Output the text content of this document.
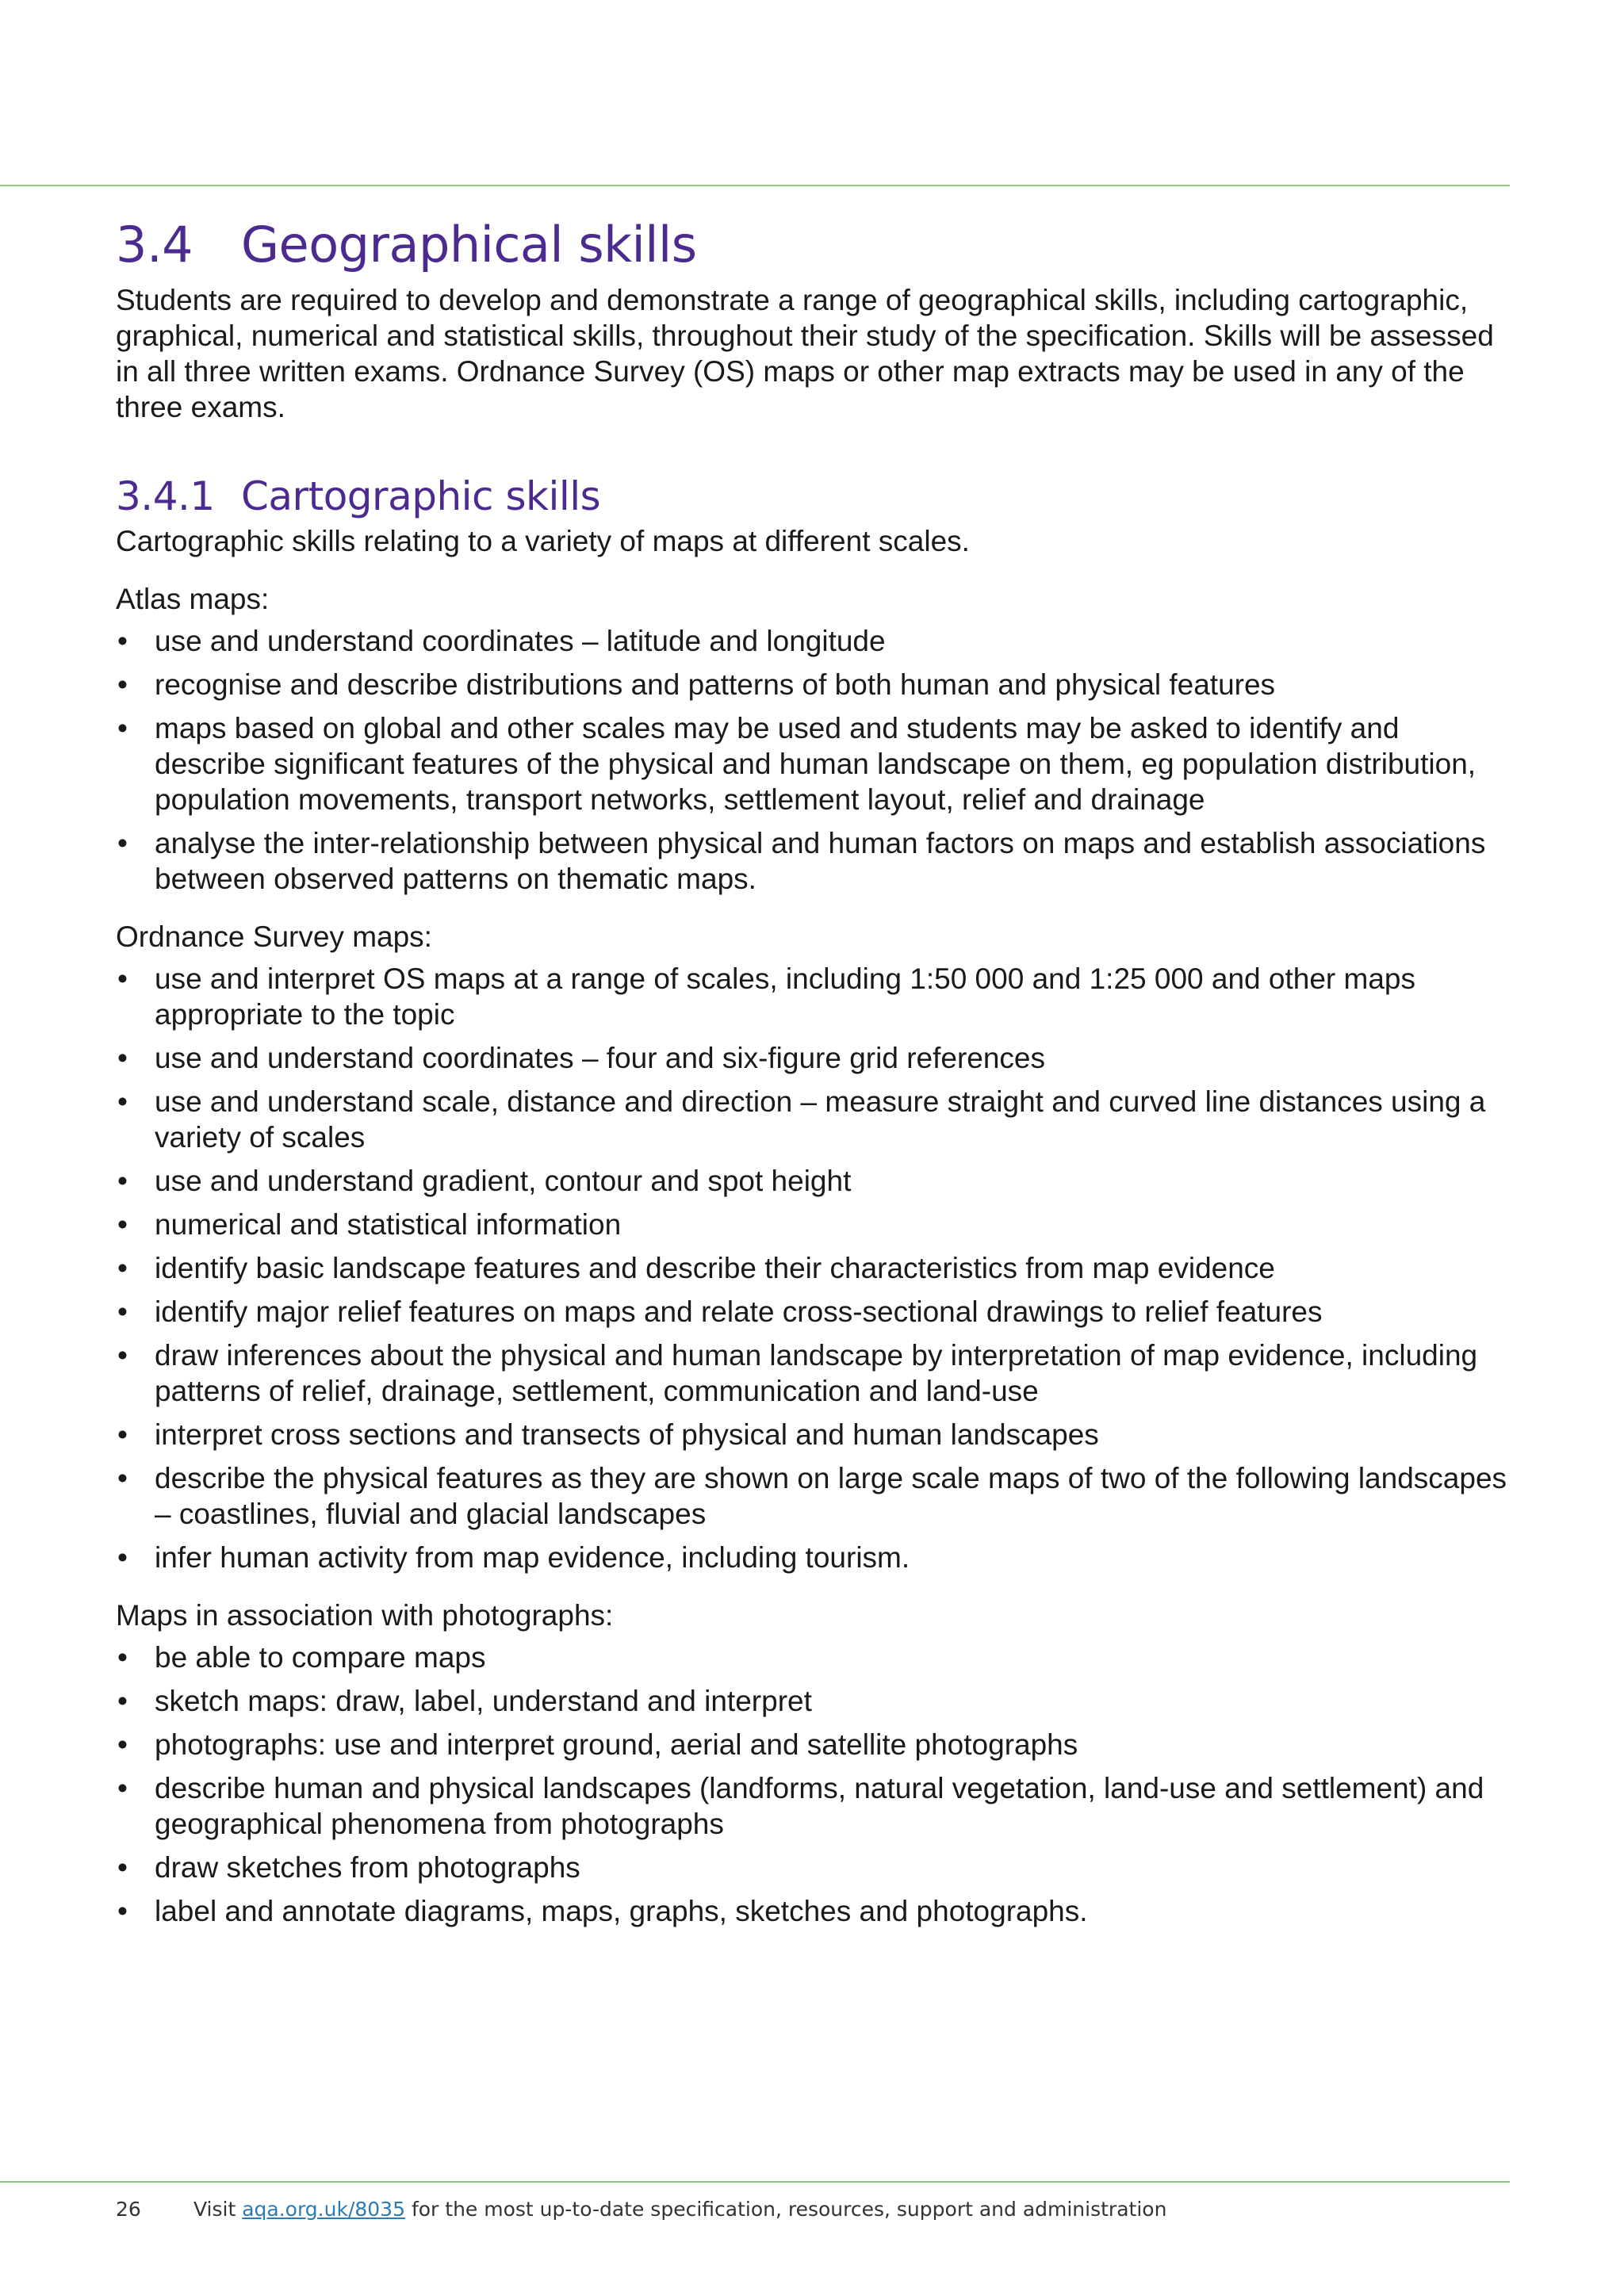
3.4 Geographical skills

Students are required to develop and demonstrate a range of geographical skills, including cartographic, graphical, numerical and statistical skills, throughout their study of the specification. Skills will be assessed in all three written exams. Ordnance Survey (OS) maps or other map extracts may be used in any of the three exams.

3.4.1 Cartographic skills

Cartographic skills relating to a variety of maps at different scales.

Atlas maps:

• use and understand coordinates – latitude and longitude
• recognise and describe distributions and patterns of both human and physical features
• maps based on global and other scales may be used and students may be asked to identify and describe significant features of the physical and human landscape on them, eg population distribution, population movements, transport networks, settlement layout, relief and drainage
• analyse the inter-relationship between physical and human factors on maps and establish associations between observed patterns on thematic maps.

Ordnance Survey maps:

• use and interpret OS maps at a range of scales, including 1:50 000 and 1:25 000 and other maps appropriate to the topic
• use and understand coordinates – four and six-figure grid references
• use and understand scale, distance and direction – measure straight and curved line distances using a variety of scales
• use and understand gradient, contour and spot height
• numerical and statistical information
• identify basic landscape features and describe their characteristics from map evidence
• identify major relief features on maps and relate cross-sectional drawings to relief features
• draw inferences about the physical and human landscape by interpretation of map evidence, including patterns of relief, drainage, settlement, communication and land-use
• interpret cross sections and transects of physical and human landscapes
• describe the physical features as they are shown on large scale maps of two of the following landscapes – coastlines, fluvial and glacial landscapes
• infer human activity from map evidence, including tourism.

Maps in association with photographs:

• be able to compare maps
• sketch maps: draw, label, understand and interpret
• photographs: use and interpret ground, aerial and satellite photographs
• describe human and physical landscapes (landforms, natural vegetation, land-use and settlement) and geographical phenomena from photographs
• draw sketches from photographs
• label and annotate diagrams, maps, graphs, sketches and photographs.
26	Visit aqa.org.uk/8035 for the most up-to-date specification, resources, support and administration
